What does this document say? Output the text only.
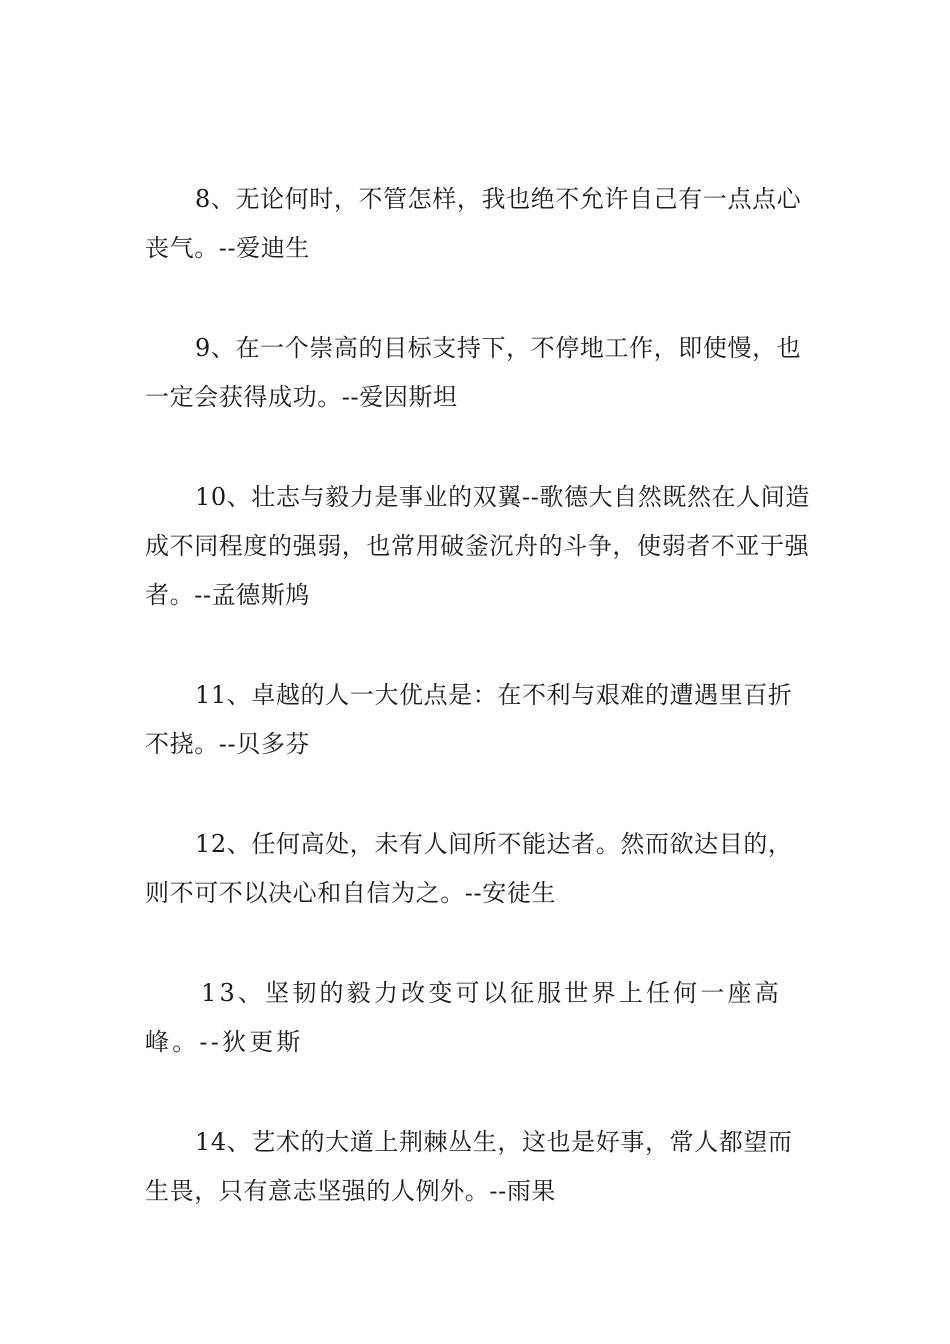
8、无论何时，不管怎样，我也绝不允许自己有一点点心丧气。--爱迪生

9、在一个崇高的目标支持下，不停地工作，即使慢，也一定会获得成功。--爱因斯坦

10、壮志与毅力是事业的双翼--歌德大自然既然在人间造成不同程度的强弱，也常用破釜沉舟的斗争，使弱者不亚于强者。--孟德斯鸠

11、卓越的人一大优点是：在不利与艰难的遭遇里百折不挠。--贝多芬

12、任何高处，未有人间所不能达者。然而欲达目的，则不可不以决心和自信为之。--安徒生

13、坚韧的毅力改变可以征服世界上任何一座高峰。--狄更斯

14、艺术的大道上荆棘丛生，这也是好事，常人都望而生畏，只有意志坚强的人例外。--雨果
